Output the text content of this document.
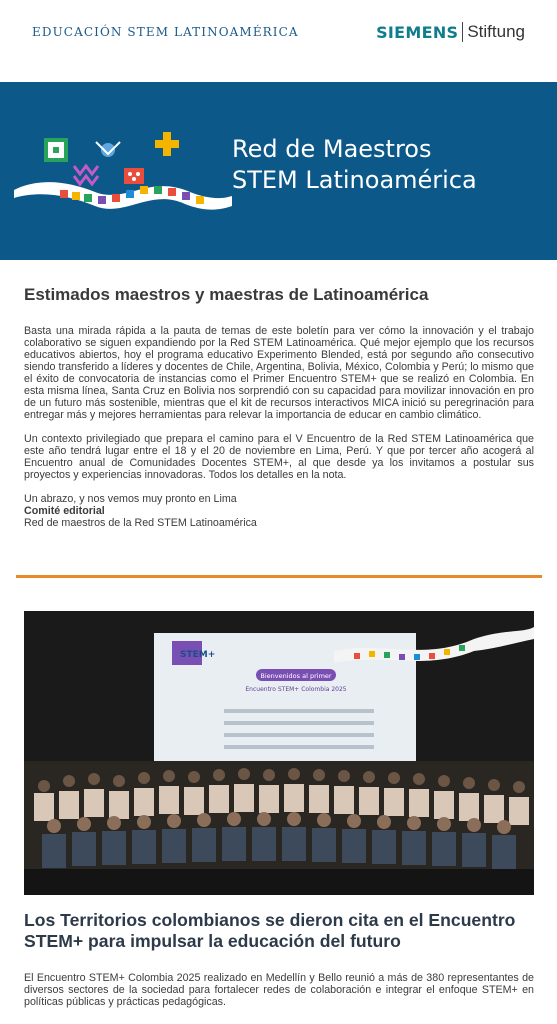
EDUCACIÓN STEM LATINOAMÉRICA	SIEMENS Stiftung
Red de Maestros
STEM Latinoamérica
Estimados maestros y maestras de Latinoamérica

Basta una mirada rápida a la pauta de temas de este boletín para ver cómo la innovación y el trabajo colaborativo se siguen expandiendo por la Red STEM Latinoamérica. Qué mejor ejemplo que los recursos educativos abiertos, hoy el programa educativo Experimento Blended, está por segundo año consecutivo siendo transferido a líderes y docentes de Chile, Argentina, Bolivia, México, Colombia y Perú; lo mismo que el éxito de convocatoria de instancias como el Primer Encuentro STEM+ que se realizó en Colombia. En esta misma línea, Santa Cruz en Bolivia nos sorprendió con su capacidad para movilizar innovación en pro de un futuro más sostenible, mientras que el kit de recursos interactivos MICA inició su peregrinación para entregar más y mejores herramientas para relevar la importancia de educar en cambio climático.

Un contexto privilegiado que prepara el camino para el V Encuentro de la Red STEM Latinoamérica que este año tendrá lugar entre el 18 y el 20 de noviembre en Lima, Perú. Y que por tercer año acogerá al Encuentro anual de Comunidades Docentes STEM+, al que desde ya los invitamos a postular sus proyectos y experiencias innovadoras. Todos los detalles en la nota.

Un abrazo, y nos vemos muy pronto en Lima
Comité editorial
Red de maestros de la Red STEM Latinoamérica
STEM+
Bienvenidos al primer
Encuentro STEM+ Colombia 2025
Los Territorios colombianos se dieron cita en el Encuentro STEM+ para impulsar la educación del futuro

El Encuentro STEM+ Colombia 2025 realizado en Medellín y Bello reunió a más de 380 representantes de diversos sectores de la sociedad para fortalecer redes de colaboración e integrar el enfoque STEM+ en políticas públicas y prácticas pedagógicas.
